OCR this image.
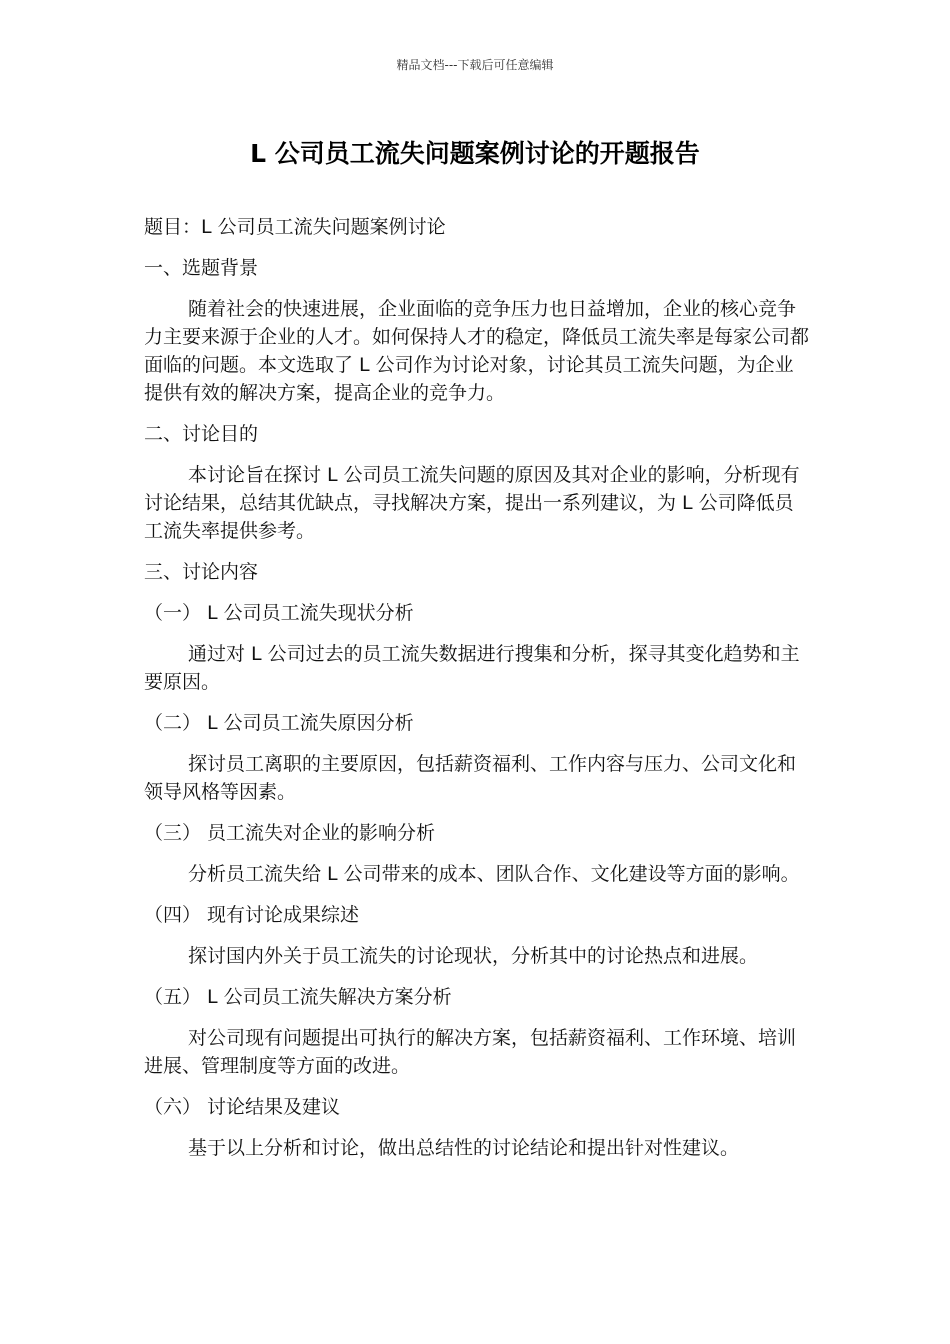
精品文档---下载后可任意编辑
L 公司员工流失问题案例讨论的开题报告

题目：L 公司员工流失问题案例讨论

一、选题背景

随着社会的快速进展，企业面临的竞争压力也日益增加，企业的核心竞争力主要来源于企业的人才。如何保持人才的稳定，降低员工流失率是每家公司都面临的问题。本文选取了 L 公司作为讨论对象，讨论其员工流失问题，为企业提供有效的解决方案，提高企业的竞争力。

二、讨论目的

本讨论旨在探讨 L 公司员工流失问题的原因及其对企业的影响，分析现有讨论结果，总结其优缺点，寻找解决方案，提出一系列建议，为 L 公司降低员工流失率提供参考。

三、讨论内容

（一） L 公司员工流失现状分析

通过对 L 公司过去的员工流失数据进行搜集和分析，探寻其变化趋势和主要原因。

（二） L 公司员工流失原因分析

探讨员工离职的主要原因，包括薪资福利、工作内容与压力、公司文化和领导风格等因素。

（三） 员工流失对企业的影响分析

分析员工流失给 L 公司带来的成本、团队合作、文化建设等方面的影响。

（四） 现有讨论成果综述

探讨国内外关于员工流失的讨论现状，分析其中的讨论热点和进展。

（五） L 公司员工流失解决方案分析

对公司现有问题提出可执行的解决方案，包括薪资福利、工作环境、培训进展、管理制度等方面的改进。

（六） 讨论结果及建议

基于以上分析和讨论，做出总结性的讨论结论和提出针对性建议。
